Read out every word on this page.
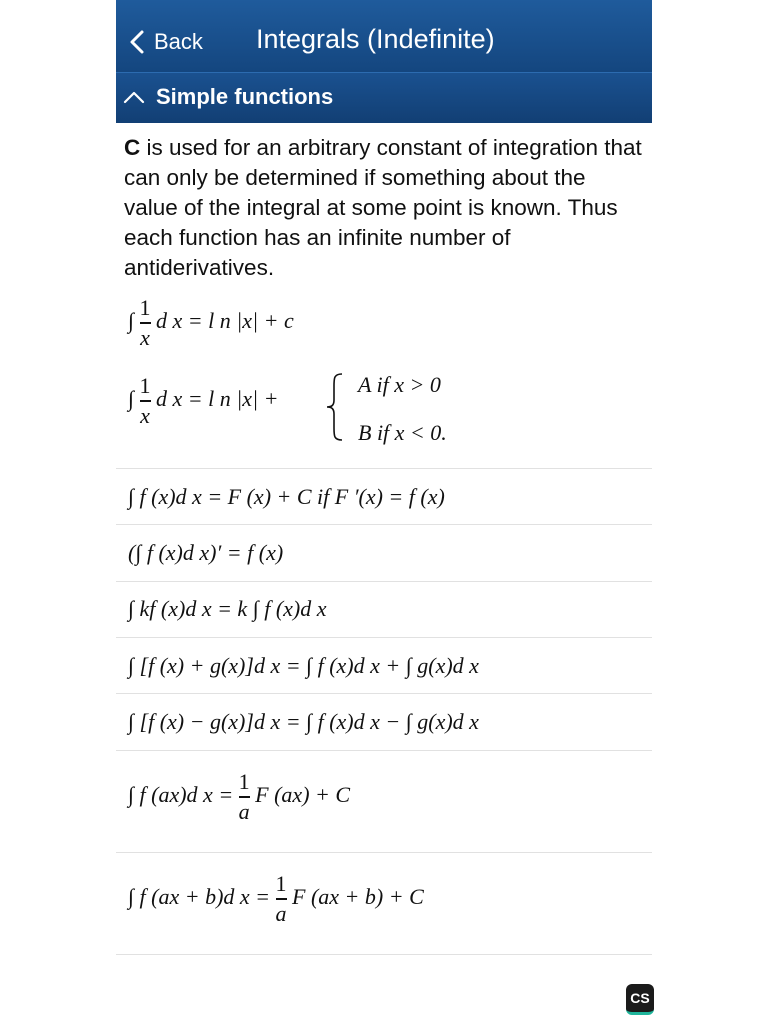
Back Integrals (Indefinite)
Simple functions
C is used for an arbitrary constant of integration that can only be determined if something about the value of the integral at some point is known. Thus each function has an infinite number of antiderivatives.
∫ $\frac{1}{x}$ d x = l n |x| + c
∫ $\frac{1}{x}$ d x = l n |x| +
A if x > 0
B if x < 0.
∫ f (x)d x = F (x) + C if F ′(x) = f (x)
(∫ f (x)d x)′ = f (x)
∫ kf (x)d x = k ∫ f (x)d x
∫ [f (x) + g(x)]d x = ∫ f (x)d x + ∫ g(x)d x
∫ [f (x) − g(x)]d x = ∫ f (x)d x − ∫ g(x)d x
∫ f (ax)d $x = \frac{1}{a}$ F (ax) + C
∫ f (ax + b)d $x = \frac{1}{a}$ F (ax + b) + C
CS
